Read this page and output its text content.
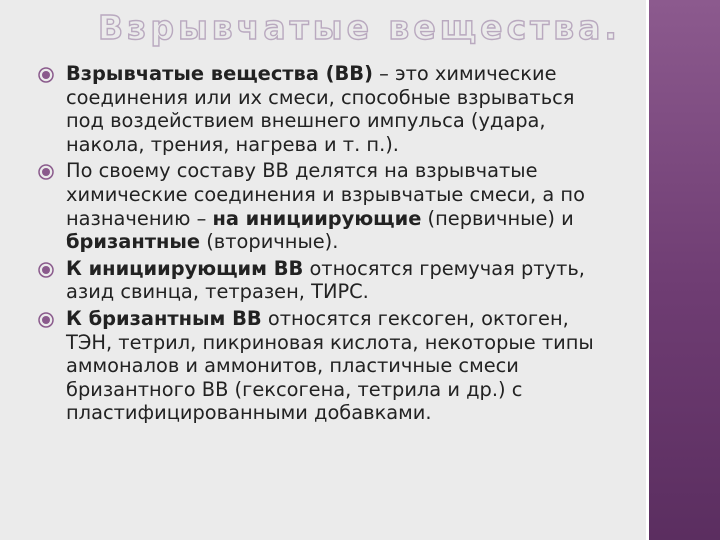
Взрывчатые вещества.
Взрывчатые вещества (ВВ) – это химические соединения или их смеси, способные взрываться под воздействием внешнего импульса (удара, накола, трения, нагрева и т. п.).
По своему составу ВВ делятся на взрывчатые химические соединения и взрывчатые смеси, а по назначению – на инициирующие (первичные) и бризантные (вторичные).
К инициирующим ВВ относятся гремучая ртуть, азид свинца, тетразен, ТИРС.
К бризантным ВВ относятся гексоген, октоген, ТЭН, тетрил, пикриновая кислота, некоторые типы аммоналов и аммонитов, пластичные смеси бризантного ВВ (гексогена, тетрила и др.) с пластифицированными добавками.
